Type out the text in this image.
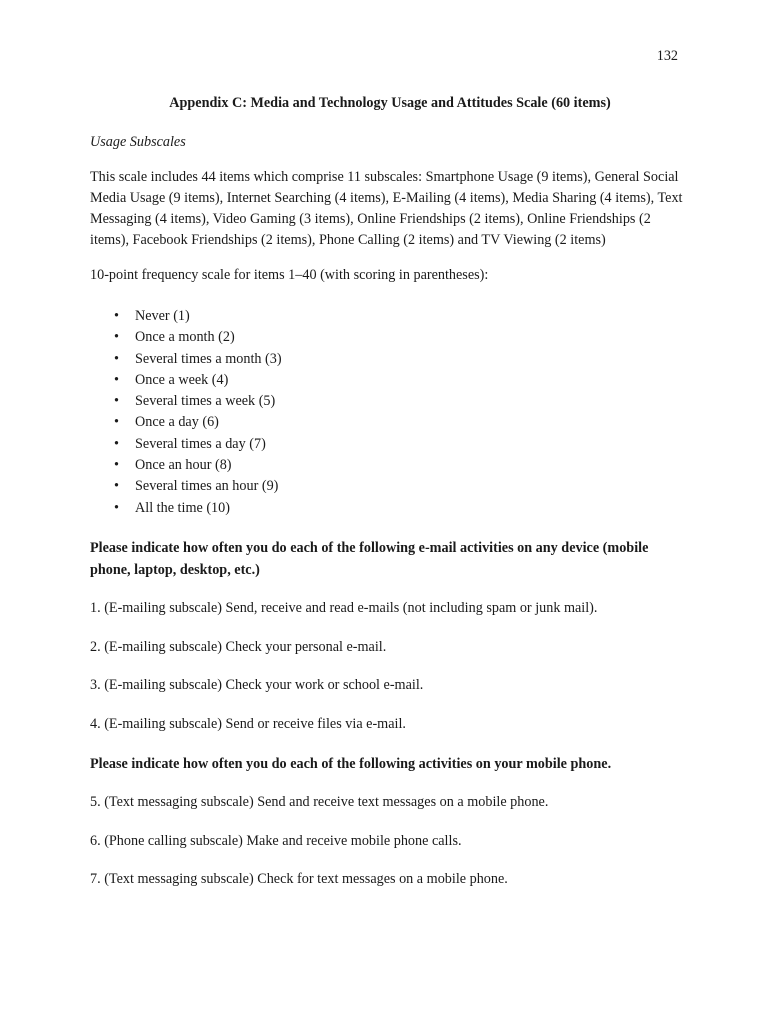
132

Appendix C: Media and Technology Usage and Attitudes Scale (60 items)

Usage Subscales

This scale includes 44 items which comprise 11 subscales: Smartphone Usage (9 items), General Social Media Usage (9 items), Internet Searching (4 items), E-Mailing (4 items), Media Sharing (4 items), Text Messaging (4 items), Video Gaming (3 items), Online Friendships (2 items), Online Friendships (2 items), Facebook Friendships (2 items), Phone Calling (2 items) and TV Viewing (2 items)

10-point frequency scale for items 1–40 (with scoring in parentheses):

• Never (1)
• Once a month (2)
• Several times a month (3)
• Once a week (4)
• Several times a week (5)
• Once a day (6)
• Several times a day (7)
• Once an hour (8)
• Several times an hour (9)
• All the time (10)

Please indicate how often you do each of the following e-mail activities on any device (mobile phone, laptop, desktop, etc.)

1. (E-mailing subscale) Send, receive and read e-mails (not including spam or junk mail).

2. (E-mailing subscale) Check your personal e-mail.

3. (E-mailing subscale) Check your work or school e-mail.

4. (E-mailing subscale) Send or receive files via e-mail.

Please indicate how often you do each of the following activities on your mobile phone.

5. (Text messaging subscale) Send and receive text messages on a mobile phone.

6. (Phone calling subscale) Make and receive mobile phone calls.

7. (Text messaging subscale) Check for text messages on a mobile phone.
